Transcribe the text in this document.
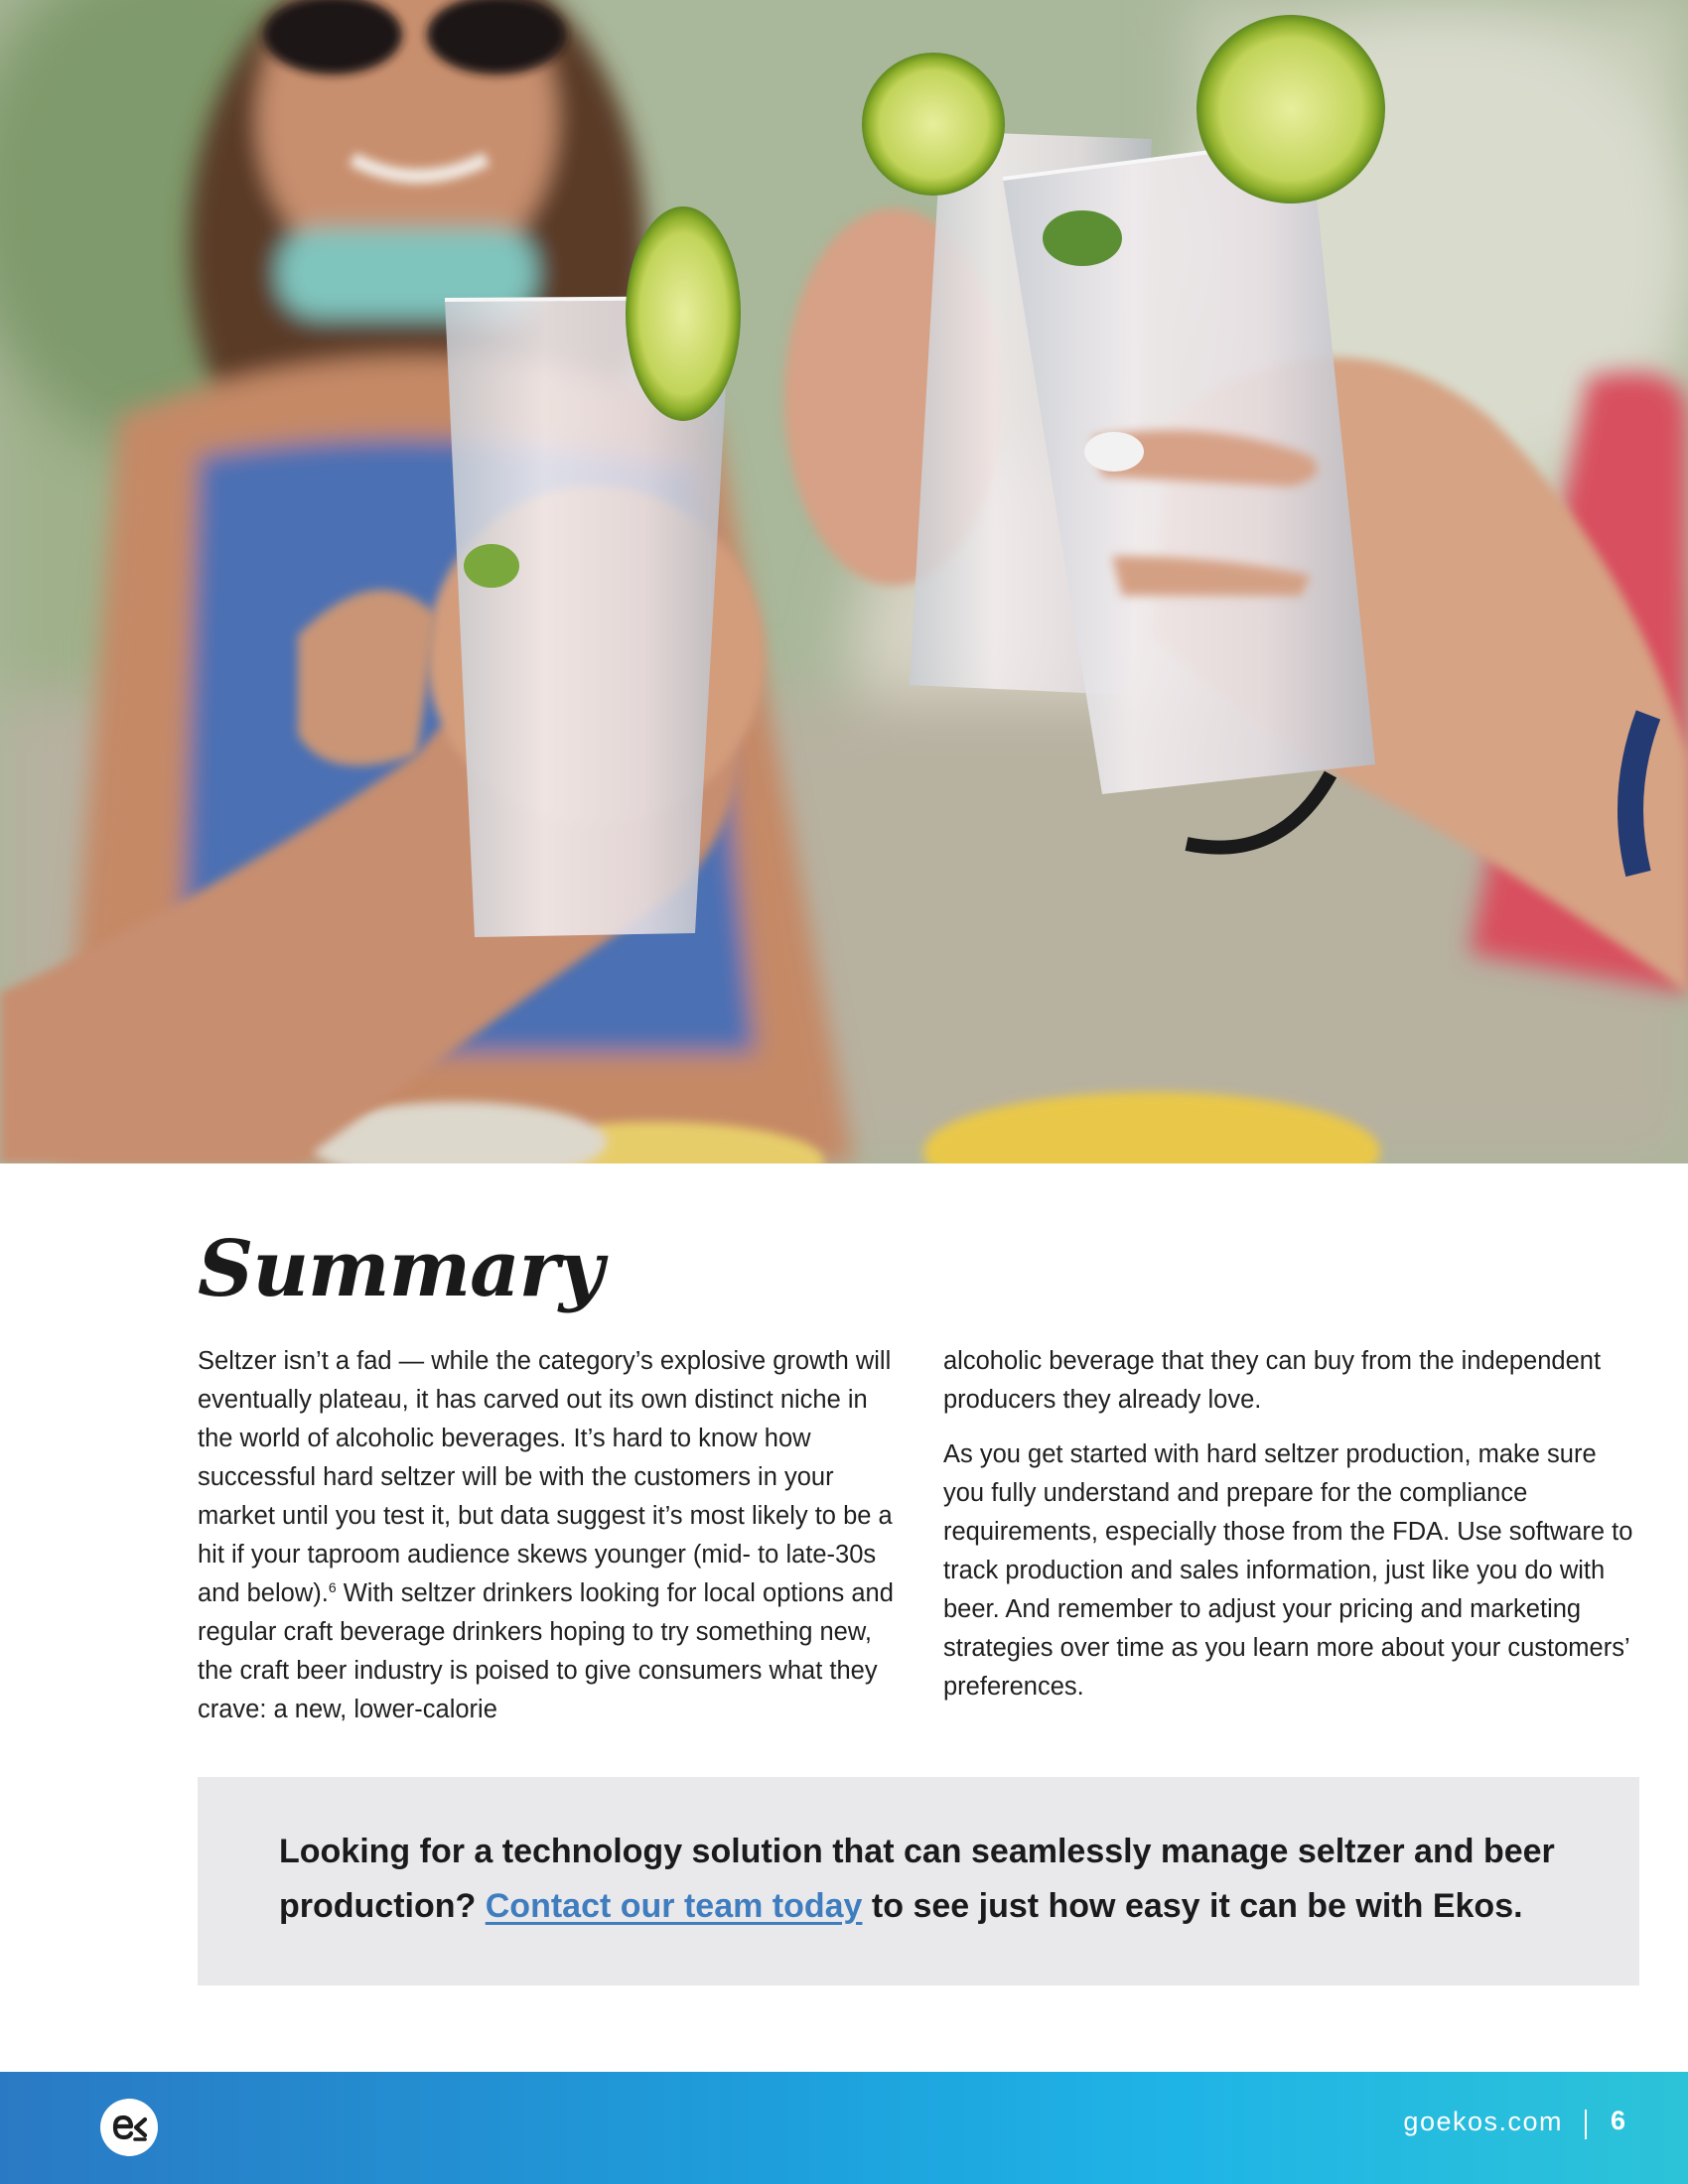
Summary

Seltzer isn’t a fad — while the category’s explosive growth will eventually plateau, it has carved out its own distinct niche in the world of alcoholic beverages. It’s hard to know how successful hard seltzer will be with the customers in your market until you test it, but data suggest it’s most likely to be a hit if your taproom audience skews younger (mid- to late-30s and below).$^6$ With seltzer drinkers looking for local options and regular craft beverage drinkers hoping to try something new, the craft beer industry is poised to give consumers what they crave: a new, lower-calorie

alcoholic beverage that they can buy from the independent producers they already love.

As you get started with hard seltzer production, make sure you fully understand and prepare for the compliance requirements, especially those from the FDA. Use software to track production and sales information, just like you do with beer. And remember to adjust your pricing and marketing strategies over time as you learn more about your customers’ preferences.

Looking for a technology solution that can seamlessly manage seltzer and beer production? Contact our team today to see just how easy it can be with Ekos.

goekos.com 6
